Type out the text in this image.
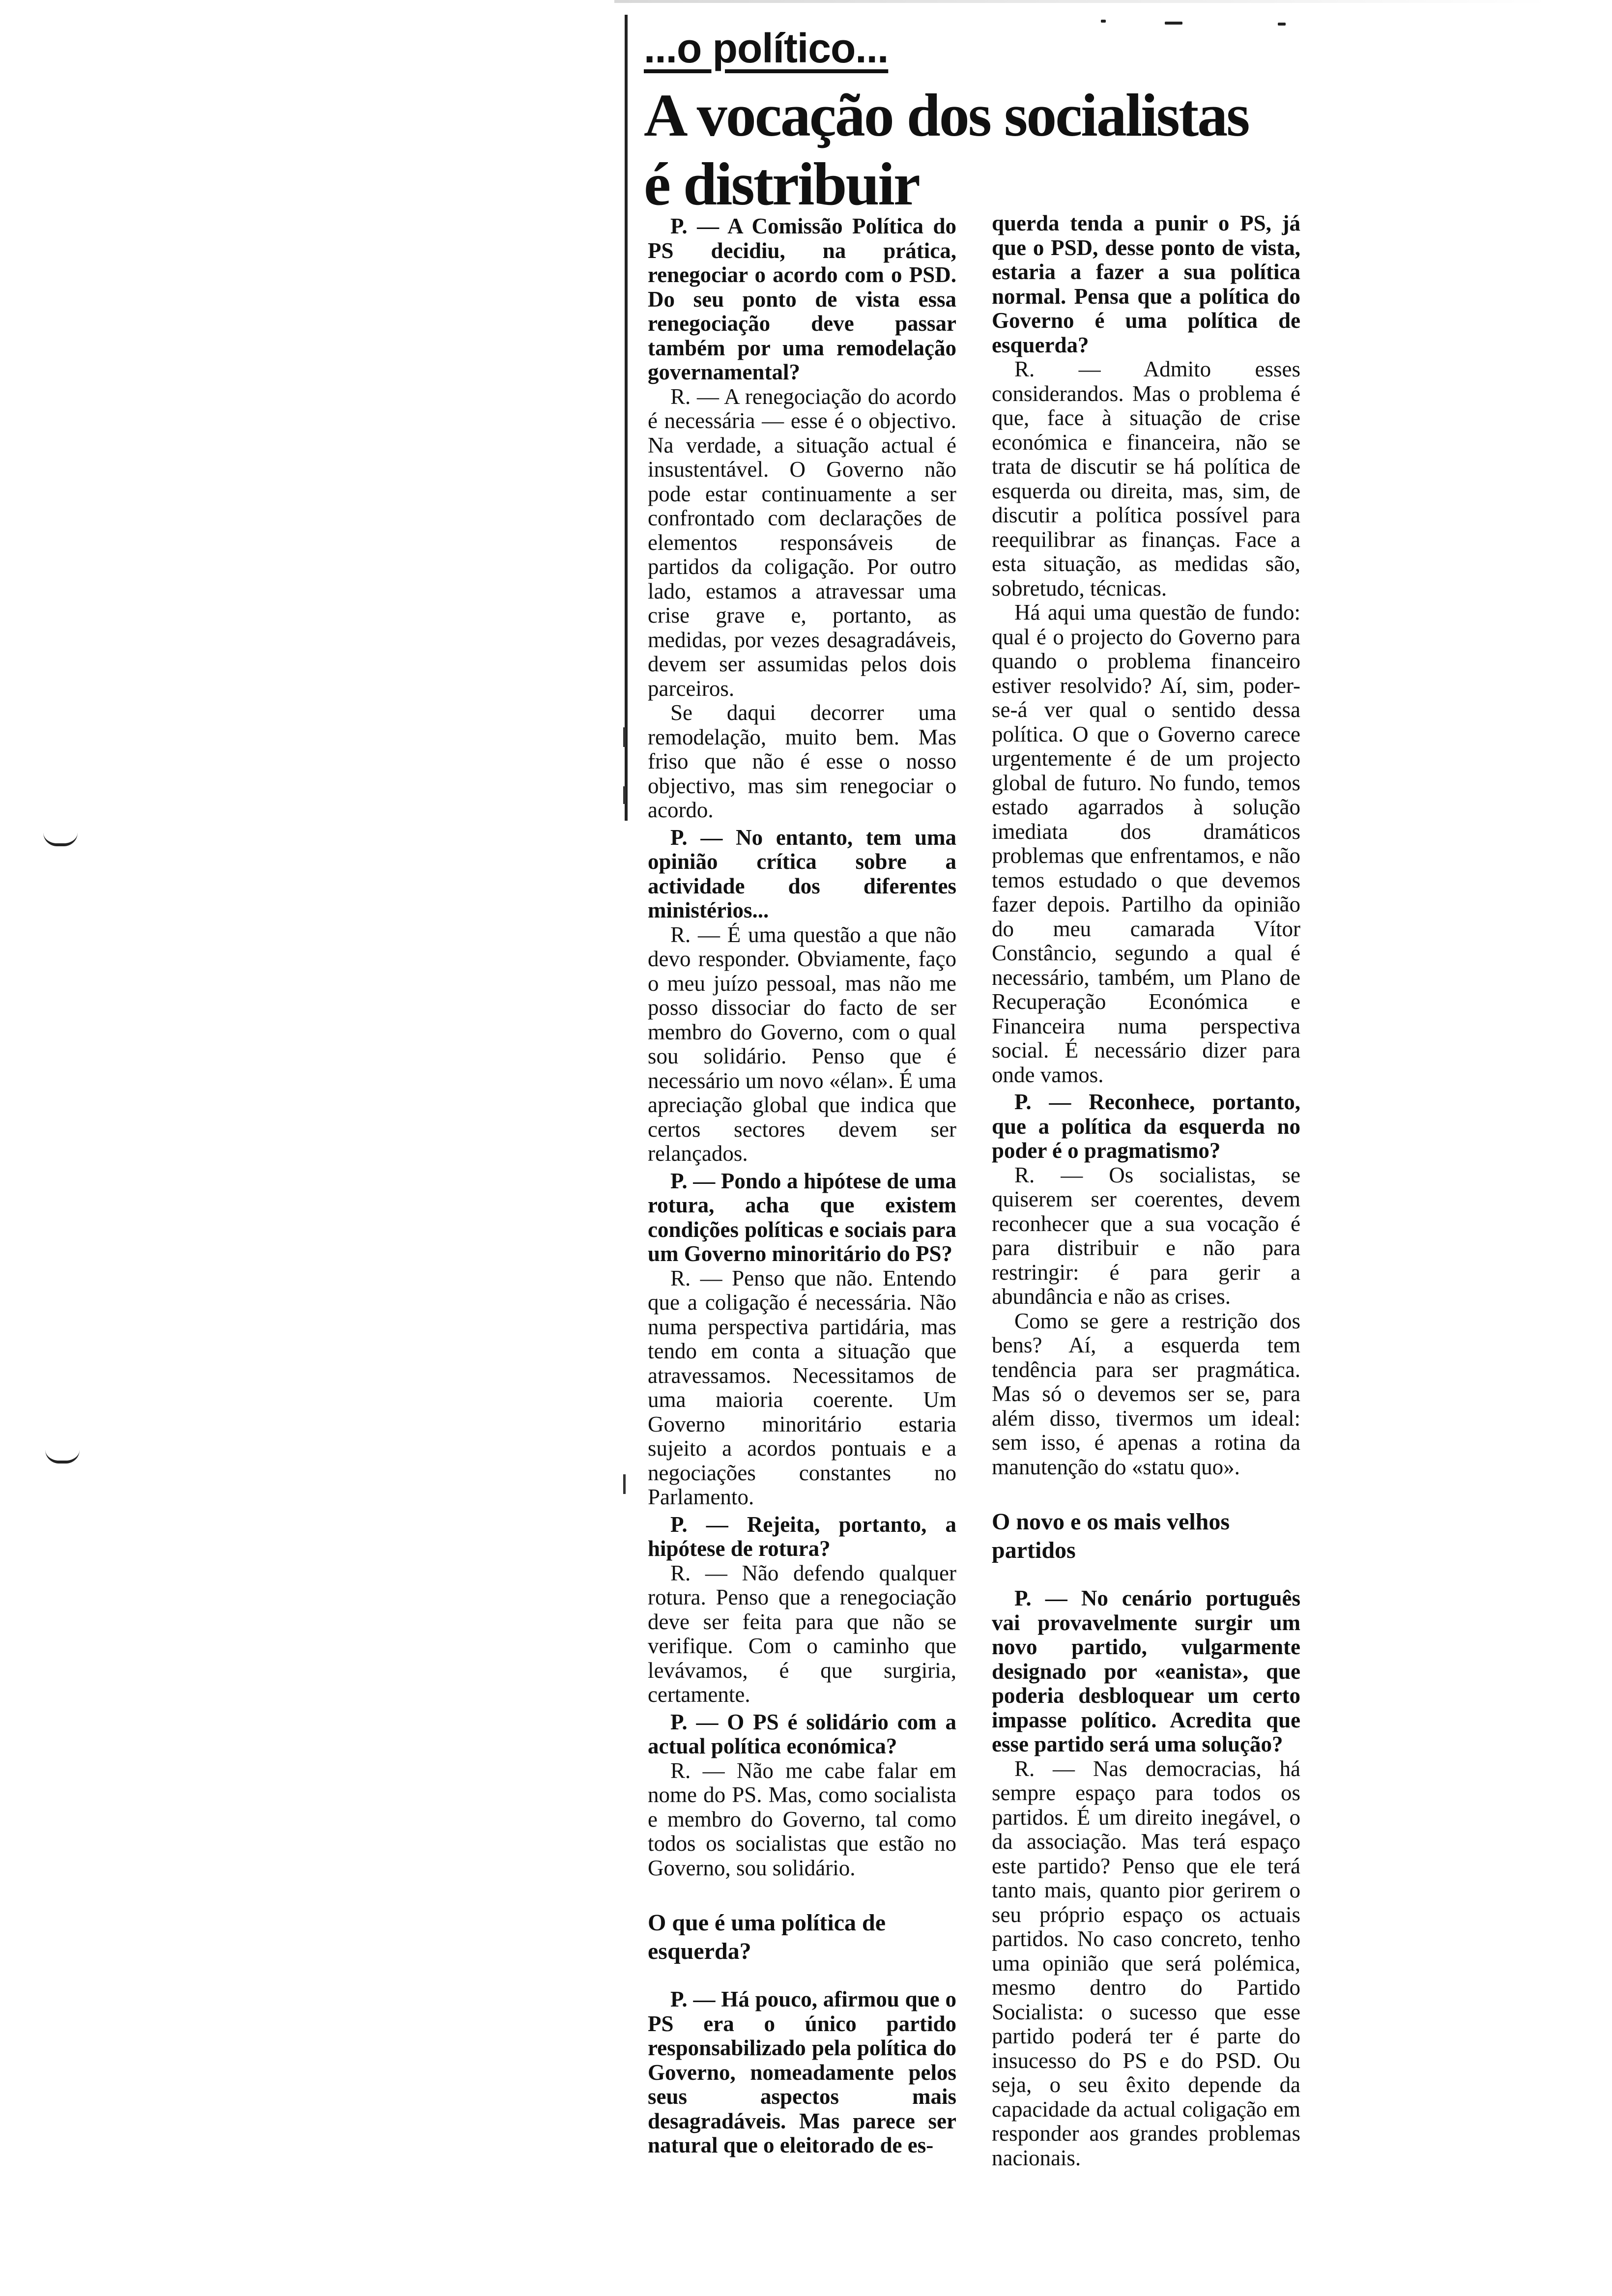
...o político...
A vocação dos socialistas
é distribuir

P. — A Comissão Política do PS decidiu, na prática, renegociar o acordo com o PSD. Do seu ponto de vista essa renegociação deve passar também por uma remodelação governamental?

R. — A renegociação do acordo é necessária — esse é o objectivo. Na verdade, a situação actual é insustentável. O Governo não pode estar continuamente a ser confrontado com declarações de elementos responsáveis de partidos da coligação. Por outro lado, estamos a atravessar uma crise grave e, portanto, as medidas, por vezes desagradáveis, devem ser assumidas pelos dois parceiros.

Se daqui decorrer uma remodelação, muito bem. Mas friso que não é esse o nosso objectivo, mas sim renegociar o acordo.

P. — No entanto, tem uma opinião crítica sobre a actividade dos diferentes ministérios...

R. — É uma questão a que não devo responder. Obviamente, faço o meu juízo pessoal, mas não me posso dissociar do facto de ser membro do Governo, com o qual sou solidário. Penso que é necessário um novo «élan». É uma apreciação global que indica que certos sectores devem ser relançados.

P. — Pondo a hipótese de uma rotura, acha que existem condições políticas e sociais para um Governo minoritário do PS?

R. — Penso que não. Entendo que a coligação é necessária. Não numa perspectiva partidária, mas tendo em conta a situação que atravessamos. Necessitamos de uma maioria coerente. Um Governo minoritário estaria sujeito a acordos pontuais e a negociações constantes no Parlamento.

P. — Rejeita, portanto, a hipótese de rotura?

R. — Não defendo qualquer rotura. Penso que a renegociação deve ser feita para que não se verifique. Com o caminho que levávamos, é que surgiria, certamente.

P. — O PS é solidário com a actual política económica?

R. — Não me cabe falar em nome do PS. Mas, como socialista e membro do Governo, tal como todos os socialistas que estão no Governo, sou solidário.

O que é uma política de esquerda?

P. — Há pouco, afirmou que o PS era o único partido responsabilizado pela política do Governo, nomeadamente pelos seus aspectos mais desagradáveis. Mas parece ser natural que o eleitorado de es-

querda tenda a punir o PS, já que o PSD, desse ponto de vista, estaria a fazer a sua política normal. Pensa que a política do Governo é uma política de esquerda?

R. — Admito esses considerandos. Mas o problema é que, face à situação de crise económica e financeira, não se trata de discutir se há política de esquerda ou direita, mas, sim, de discutir a política possível para reequilibrar as finanças. Face a esta situação, as medidas são, sobretudo, técnicas.

Há aqui uma questão de fundo: qual é o projecto do Governo para quando o problema financeiro estiver resolvido? Aí, sim, poder-se-á ver qual o sentido dessa política. O que o Governo carece urgentemente é de um projecto global de futuro. No fundo, temos estado agarrados à solução imediata dos dramáticos problemas que enfrentamos, e não temos estudado o que devemos fazer depois. Partilho da opinião do meu camarada Vítor Constâncio, segundo a qual é necessário, também, um Plano de Recuperação Económica e Financeira numa perspectiva social. É necessário dizer para onde vamos.

P. — Reconhece, portanto, que a política da esquerda no poder é o pragmatismo?

R. — Os socialistas, se quiserem ser coerentes, devem reconhecer que a sua vocação é para distribuir e não para restringir: é para gerir a abundância e não as crises.

Como se gere a restrição dos bens? Aí, a esquerda tem tendência para ser pragmática. Mas só o devemos ser se, para além disso, tivermos um ideal: sem isso, é apenas a rotina da manutenção do «statu quo».

O novo e os mais velhos partidos

P. — No cenário português vai provavelmente surgir um novo partido, vulgarmente designado por «eanista», que poderia desbloquear um certo impasse político. Acredita que esse partido será uma solução?

R. — Nas democracias, há sempre espaço para todos os partidos. É um direito inegável, o da associação. Mas terá espaço este partido? Penso que ele terá tanto mais, quanto pior gerirem o seu próprio espaço os actuais partidos. No caso concreto, tenho uma opinião que será polémica, mesmo dentro do Partido Socialista: o sucesso que esse partido poderá ter é parte do insucesso do PS e do PSD. Ou seja, o seu êxito depende da capacidade da actual coligação em responder aos grandes problemas nacionais.
